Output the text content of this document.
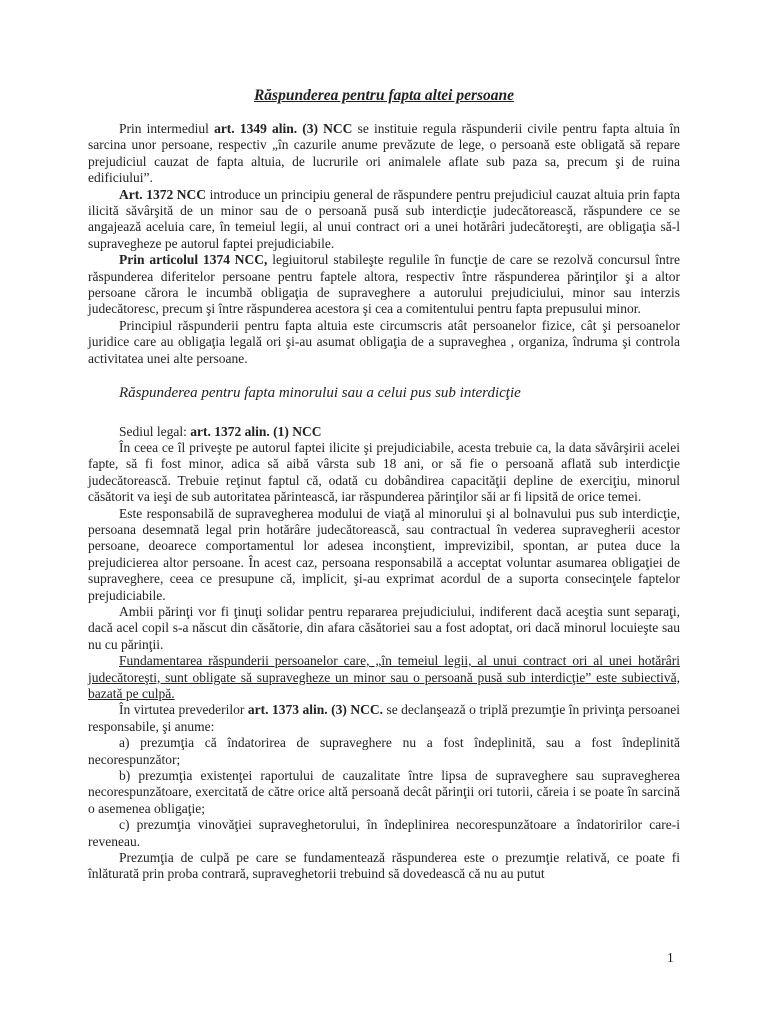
Răspunderea pentru fapta altei persoane

Prin intermediul art. 1349 alin. (3) NCC se instituie regula răspunderii civile pentru fapta altuia în sarcina unor persoane, respectiv „în cazurile anume prevăzute de lege, o persoană este obligată să repare prejudiciul cauzat de fapta altuia, de lucrurile ori animalele aflate sub paza sa, precum şi de ruina edificiului”.

Art. 1372 NCC introduce un principiu general de răspundere pentru prejudiciul cauzat altuia prin fapta ilicită săvârşită de un minor sau de o persoană pusă sub interdicţie judecătorească, răspundere ce se angajează aceluia care, în temeiul legii, al unui contract ori a unei hotărâri judecătoreşti, are obligaţia să-l supravegheze pe autorul faptei prejudiciabile.

Prin articolul 1374 NCC, legiuitorul stabileşte regulile în funcţie de care se rezolvă concursul între răspunderea diferitelor persoane pentru faptele altora, respectiv între răspunderea părinţilor şi a altor persoane cărora le incumbă obligaţia de supraveghere a autorului prejudiciului, minor sau interzis judecătoresc, precum şi între răspunderea acestora şi cea a comitentului pentru fapta prepusului minor.

Principiul răspunderii pentru fapta altuia este circumscris atât persoanelor fizice, cât şi persoanelor juridice care au obligaţia legală ori şi-au asumat obligaţia de a supraveghea , organiza, îndruma şi controla activitatea unei alte persoane.

Răspunderea pentru fapta minorului sau a celui pus sub interdicţie

Sediul legal: art. 1372 alin. (1) NCC

În ceea ce îl priveşte pe autorul faptei ilicite şi prejudiciabile, acesta trebuie ca, la data săvârşirii acelei fapte, să fi fost minor, adica să aibă vârsta sub 18 ani, or să fie o persoană aflată sub interdicţie judecătorească. Trebuie reţinut faptul că, odată cu dobândirea capacităţii depline de exerciţiu, minorul căsătorit va ieşi de sub autoritatea părintească, iar răspunderea părinţilor săi ar fi lipsită de orice temei.

Este responsabilă de supravegherea modului de viaţă al minorului şi al bolnavului pus sub interdicţie, persoana desemnată legal prin hotărâre judecătorească, sau contractual în vederea supravegherii acestor persoane, deoarece comportamentul lor adesea inconştient, imprevizibil, spontan, ar putea duce la prejudicierea altor persoane. În acest caz, persoana responsabilă a acceptat voluntar asumarea obligaţiei de supraveghere, ceea ce presupune că, implicit, şi-au exprimat acordul de a suporta consecinţele faptelor prejudiciabile.

Ambii părinţi vor fi ţinuţi solidar pentru repararea prejudiciului, indiferent dacă aceştia sunt separaţi, dacă acel copil s-a născut din căsătorie, din afara căsătoriei sau a fost adoptat, ori dacă minorul locuieşte sau nu cu părinţii.

Fundamentarea răspunderii persoanelor care, „în temeiul legii, al unui contract ori al unei hotărâri judecătoreşti, sunt obligate să supravegheze un minor sau o persoană pusă sub interdicţie” este subiectivă, bazată pe culpă.

În virtutea prevederilor art. 1373 alin. (3) NCC. se declanşează o triplă prezumţie în privinţa persoanei responsabile, şi anume:

a) prezumţia că îndatorirea de supraveghere nu a fost îndeplinită, sau a fost îndeplinită necorespunzător;

b) prezumţia existenţei raportului de cauzalitate între lipsa de supraveghere sau supravegherea necorespunzătoare, exercitată de către orice altă persoană decât părinţii ori tutorii, căreia i se poate în sarcină o asemenea obligaţie;

c) prezumţia vinovăţiei supraveghetorului, în îndeplinirea necorespunzătoare a îndatoririlor care-i reveneau.

Prezumţia de culpă pe care se fundamentează răspunderea este o prezumţie relativă, ce poate fi înlăturată prin proba contrară, supraveghetorii trebuind să dovedească că nu au putut

1
